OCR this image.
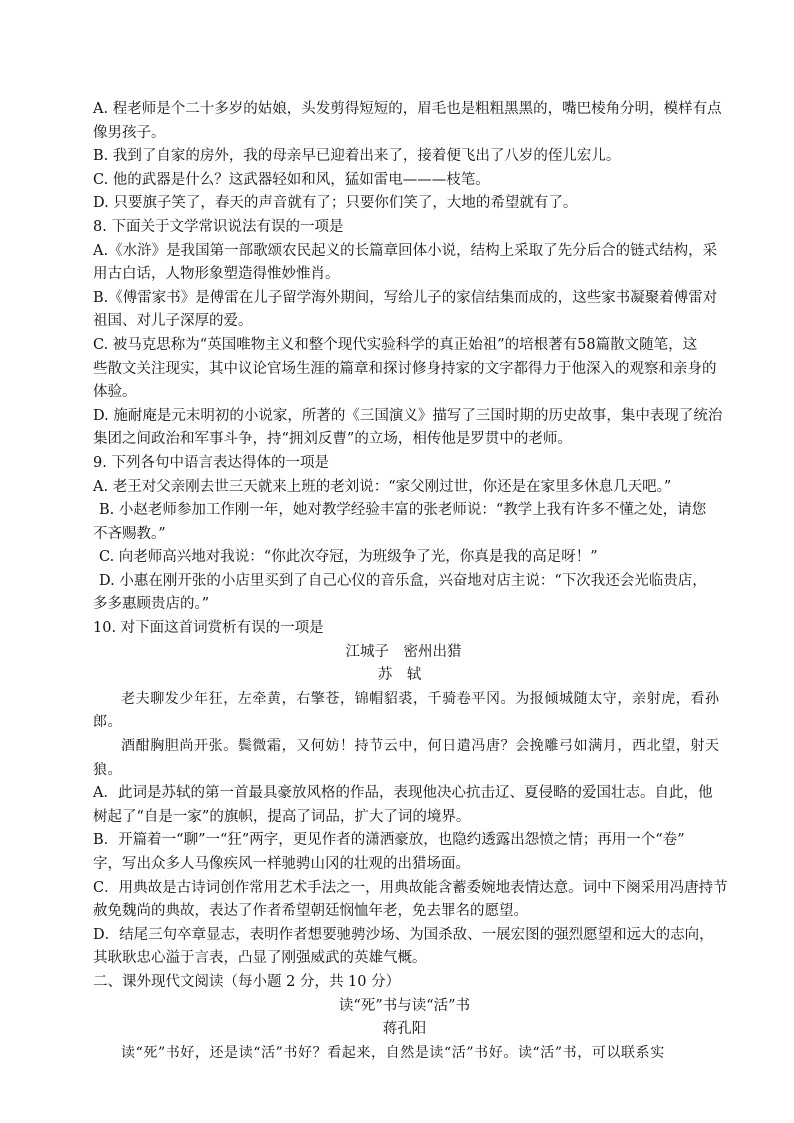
A. 程老师是个二十多岁的姑娘，头发剪得短短的，眉毛也是粗粗黑黑的，嘴巴棱角分明，模样有点
像男孩子。
B. 我到了自家的房外，我的母亲早已迎着出来了，接着便飞出了八岁的侄儿宏儿。
C. 他的武器是什么？这武器轻如和风，猛如雷电———枝笔。
D. 只要旗子笑了，春天的声音就有了；只要你们笑了，大地的希望就有了。
8. 下面关于文学常识说法有误的一项是
A.《水浒》是我国第一部歌颂农民起义的长篇章回体小说，结构上采取了先分后合的链式结构，采
用古白话，人物形象塑造得惟妙惟肖。
B.《傅雷家书》是傅雷在儿子留学海外期间，写给儿子的家信结集而成的，这些家书凝聚着傅雷对
祖国、对儿子深厚的爱。
C. 被马克思称为“英国唯物主义和整个现代实验科学的真正始祖”的培根著有58篇散文随笔，这
些散文关注现实，其中议论官场生涯的篇章和探讨修身持家的文字都得力于他深入的观察和亲身的
体验。
D. 施耐庵是元末明初的小说家，所著的《三国演义》描写了三国时期的历史故事，集中表现了统治
集团之间政治和军事斗争，持“拥刘反曹”的立场，相传他是罗贯中的老师。
9. 下列各句中语言表达得体的一项是
A. 老王对父亲刚去世三天就来上班的老刘说：“家父刚过世，你还是在家里多休息几天吧。”
B. 小赵老师参加工作刚一年，她对教学经验丰富的张老师说：“教学上我有许多不懂之处，请您
不吝赐教。”
C. 向老师高兴地对我说：“你此次夺冠，为班级争了光，你真是我的高足呀！”
D. 小惠在刚开张的小店里买到了自己心仪的音乐盒，兴奋地对店主说：“下次我还会光临贵店，
多多惠顾贵店的。”
10. 对下面这首词赏析有误的一项是
江城子　密州出猎
苏　轼
老夫聊发少年狂，左牵黄，右擎苍，锦帽貂裘，千骑卷平冈。为报倾城随太守，亲射虎，看孙
郎。
酒酣胸胆尚开张。鬓微霜，又何妨！持节云中，何日遣冯唐？会挽雕弓如满月，西北望，射天
狼。
A．此词是苏轼的第一首最具豪放风格的作品，表现他决心抗击辽、夏侵略的爱国壮志。自此，他
树起了“自是一家”的旗帜，提高了词品，扩大了词的境界。
B．开篇着一“聊”一“狂”两字，更见作者的潇洒豪放，也隐约透露出怨愤之情；再用一个“卷”
字，写出众多人马像疾风一样驰骋山冈的壮观的出猎场面。
C．用典故是古诗词创作常用艺术手法之一，用典故能含蓄委婉地表情达意。词中下阕采用冯唐持节
赦免魏尚的典故，表达了作者希望朝廷悯恤年老，免去罪名的愿望。
D．结尾三句卒章显志，表明作者想要驰骋沙场、为国杀敌、一展宏图的强烈愿望和远大的志向，
其耿耿忠心溢于言表，凸显了刚强威武的英雄气概。
二、课外现代文阅读（每小题 2 分，共 10 分）
读“死”书与读“活”书
蒋孔阳
读“死”书好，还是读“活”书好？看起来，自然是读“活”书好。读“活”书，可以联系实
